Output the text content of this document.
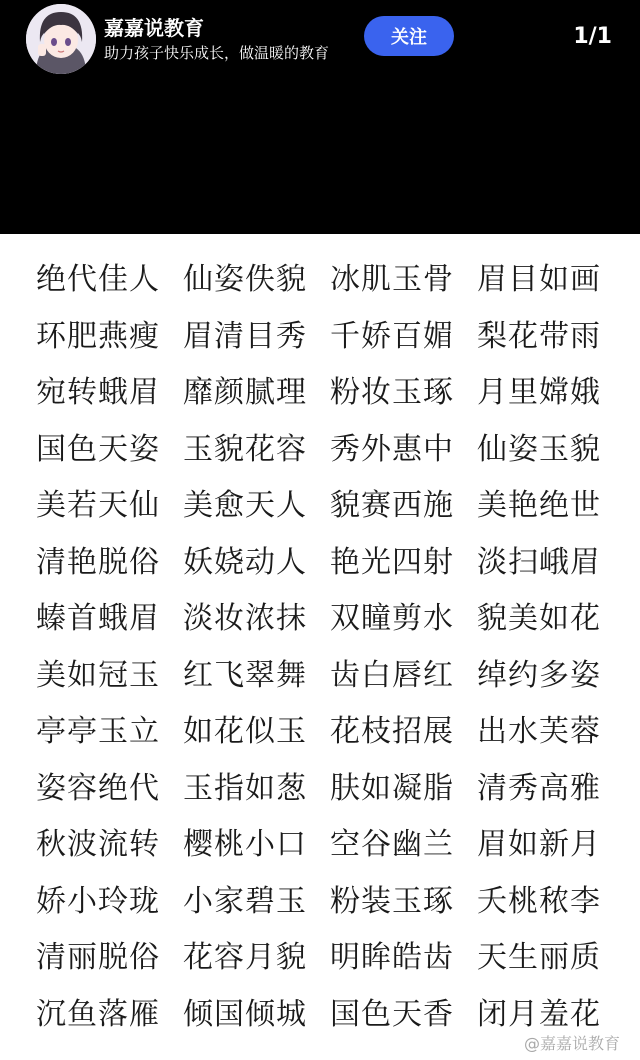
嘉嘉说教育
助力孩子快乐成长，做温暖的教育
关注	1/1
绝代佳人 仙姿佚貌 冰肌玉骨 眉目如画
环肥燕瘦 眉清目秀 千娇百媚 梨花带雨
宛转蛾眉 靡颜腻理 粉妆玉琢 月里嫦娥
国色天姿 玉貌花容 秀外惠中 仙姿玉貌
美若天仙 美愈天人 貌赛西施 美艳绝世
清艳脱俗 妖娆动人 艳光四射 淡扫峨眉
螓首蛾眉 淡妆浓抹 双瞳剪水 貌美如花
美如冠玉 红飞翠舞 齿白唇红 绰约多姿
亭亭玉立 如花似玉 花枝招展 出水芙蓉
姿容绝代 玉指如葱 肤如凝脂 清秀高雅
秋波流转 樱桃小口 空谷幽兰 眉如新月
娇小玲珑 小家碧玉 粉装玉琢 夭桃秾李
清丽脱俗 花容月貌 明眸皓齿 天生丽质
沉鱼落雁 倾国倾城 国色天香 闭月羞花
@嘉嘉说教育
